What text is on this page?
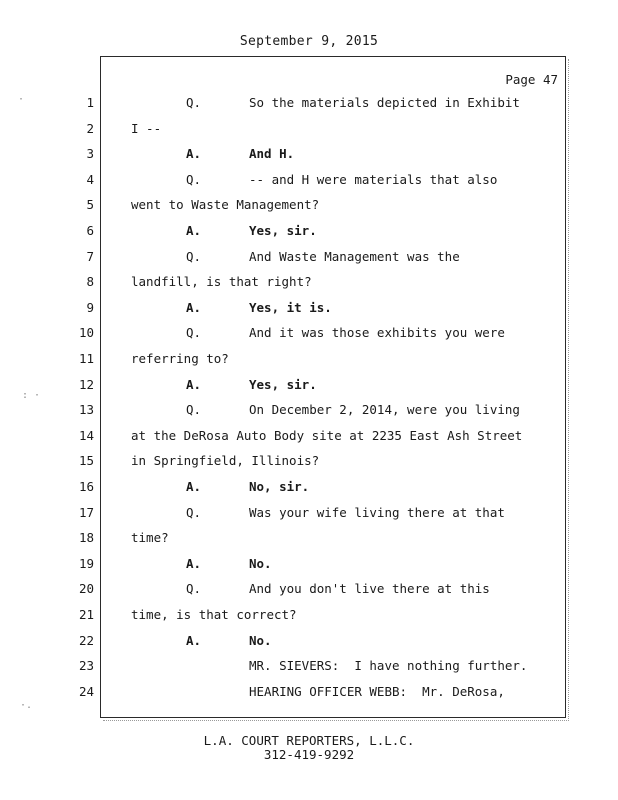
September 9, 2015
Page 47
1	Q.	So the materials depicted in Exhibit
2	I --
3	A.	And H.
4	Q.	-- and H were materials that also
5	went to Waste Management?
6	A.	Yes, sir.
7	Q.	And Waste Management was the
8	landfill, is that right?
9	A.	Yes, it is.
10	Q.	And it was those exhibits you were
11	referring to?
12	A.	Yes, sir.
13	Q.	On December 2, 2014, were you living
14	at the DeRosa Auto Body site at 2235 East Ash Street
15	in Springfield, Illinois?
16	A.	No, sir.
17	Q.	Was your wife living there at that
18	time?
19	A.	No.
20	Q.	And you don't live there at this
21	time, is that correct?
22	A.	No.
23	MR. SIEVERS:  I have nothing further.
24	HEARING OFFICER WEBB:  Mr. DeRosa,
L.A. COURT REPORTERS, L.L.C.
312-419-9292
·
: ·
·.
